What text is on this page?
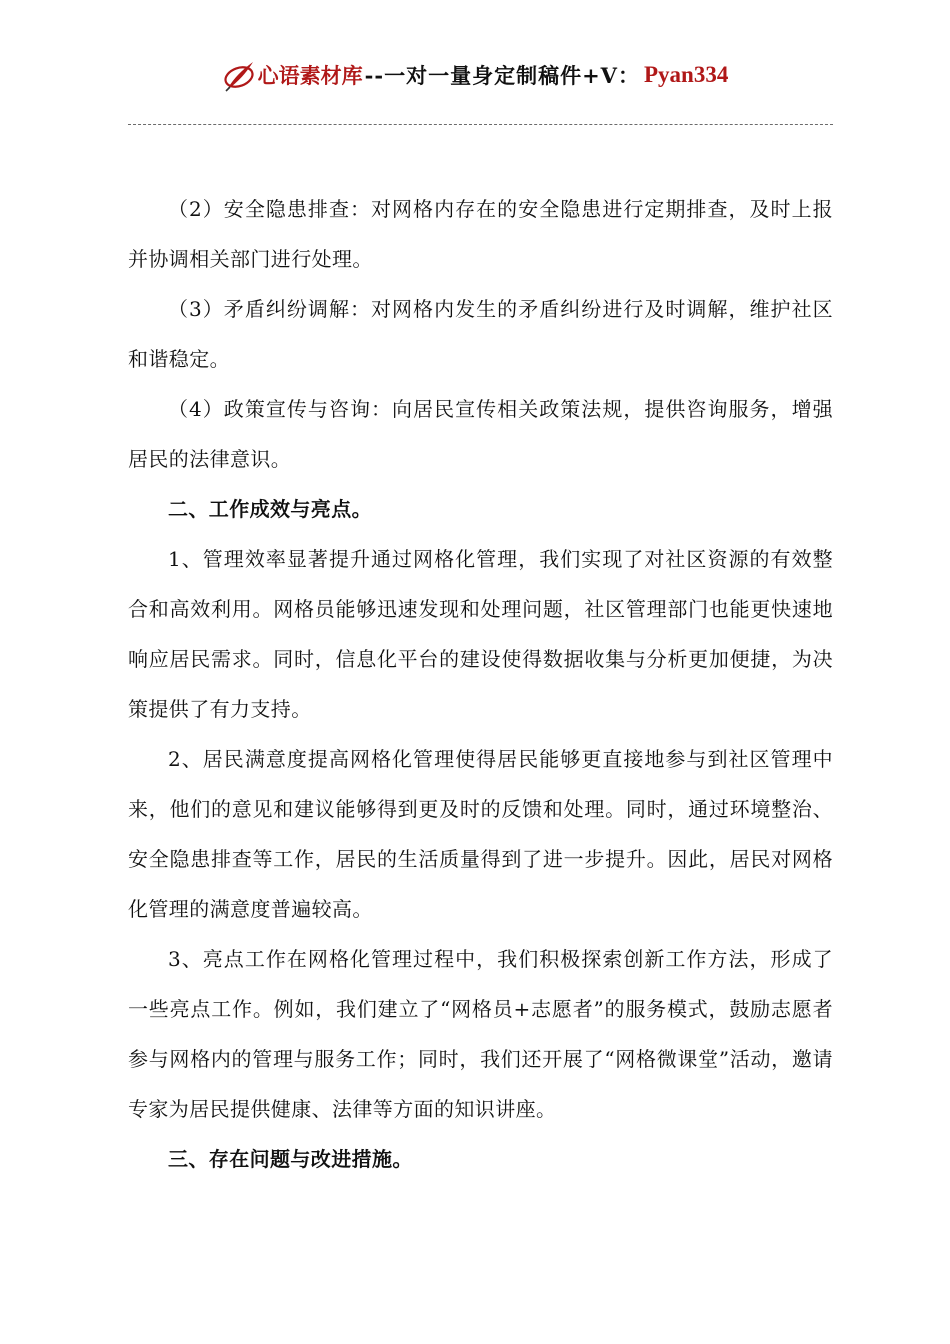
心语素材库 --一对一量身定制稿件+V： Pyan334

（2）安全隐患排查：对网格内存在的安全隐患进行定期排查，及时上报并协调相关部门进行处理。

（3）矛盾纠纷调解：对网格内发生的矛盾纠纷进行及时调解，维护社区和谐稳定。

（4）政策宣传与咨询：向居民宣传相关政策法规，提供咨询服务，增强居民的法律意识。

二、工作成效与亮点。

1、管理效率显著提升通过网格化管理，我们实现了对社区资源的有效整合和高效利用。网格员能够迅速发现和处理问题，社区管理部门也能更快速地响应居民需求。同时，信息化平台的建设使得数据收集与分析更加便捷，为决策提供了有力支持。

2、居民满意度提高网格化管理使得居民能够更直接地参与到社区管理中来，他们的意见和建议能够得到更及时的反馈和处理。同时，通过环境整治、安全隐患排查等工作，居民的生活质量得到了进一步提升。因此，居民对网格化管理的满意度普遍较高。

3、亮点工作在网格化管理过程中，我们积极探索创新工作方法，形成了一些亮点工作。例如，我们建立了“网格员+志愿者”的服务模式，鼓励志愿者参与网格内的管理与服务工作；同时，我们还开展了“网格微课堂”活动，邀请专家为居民提供健康、法律等方面的知识讲座。

三、存在问题与改进措施。
